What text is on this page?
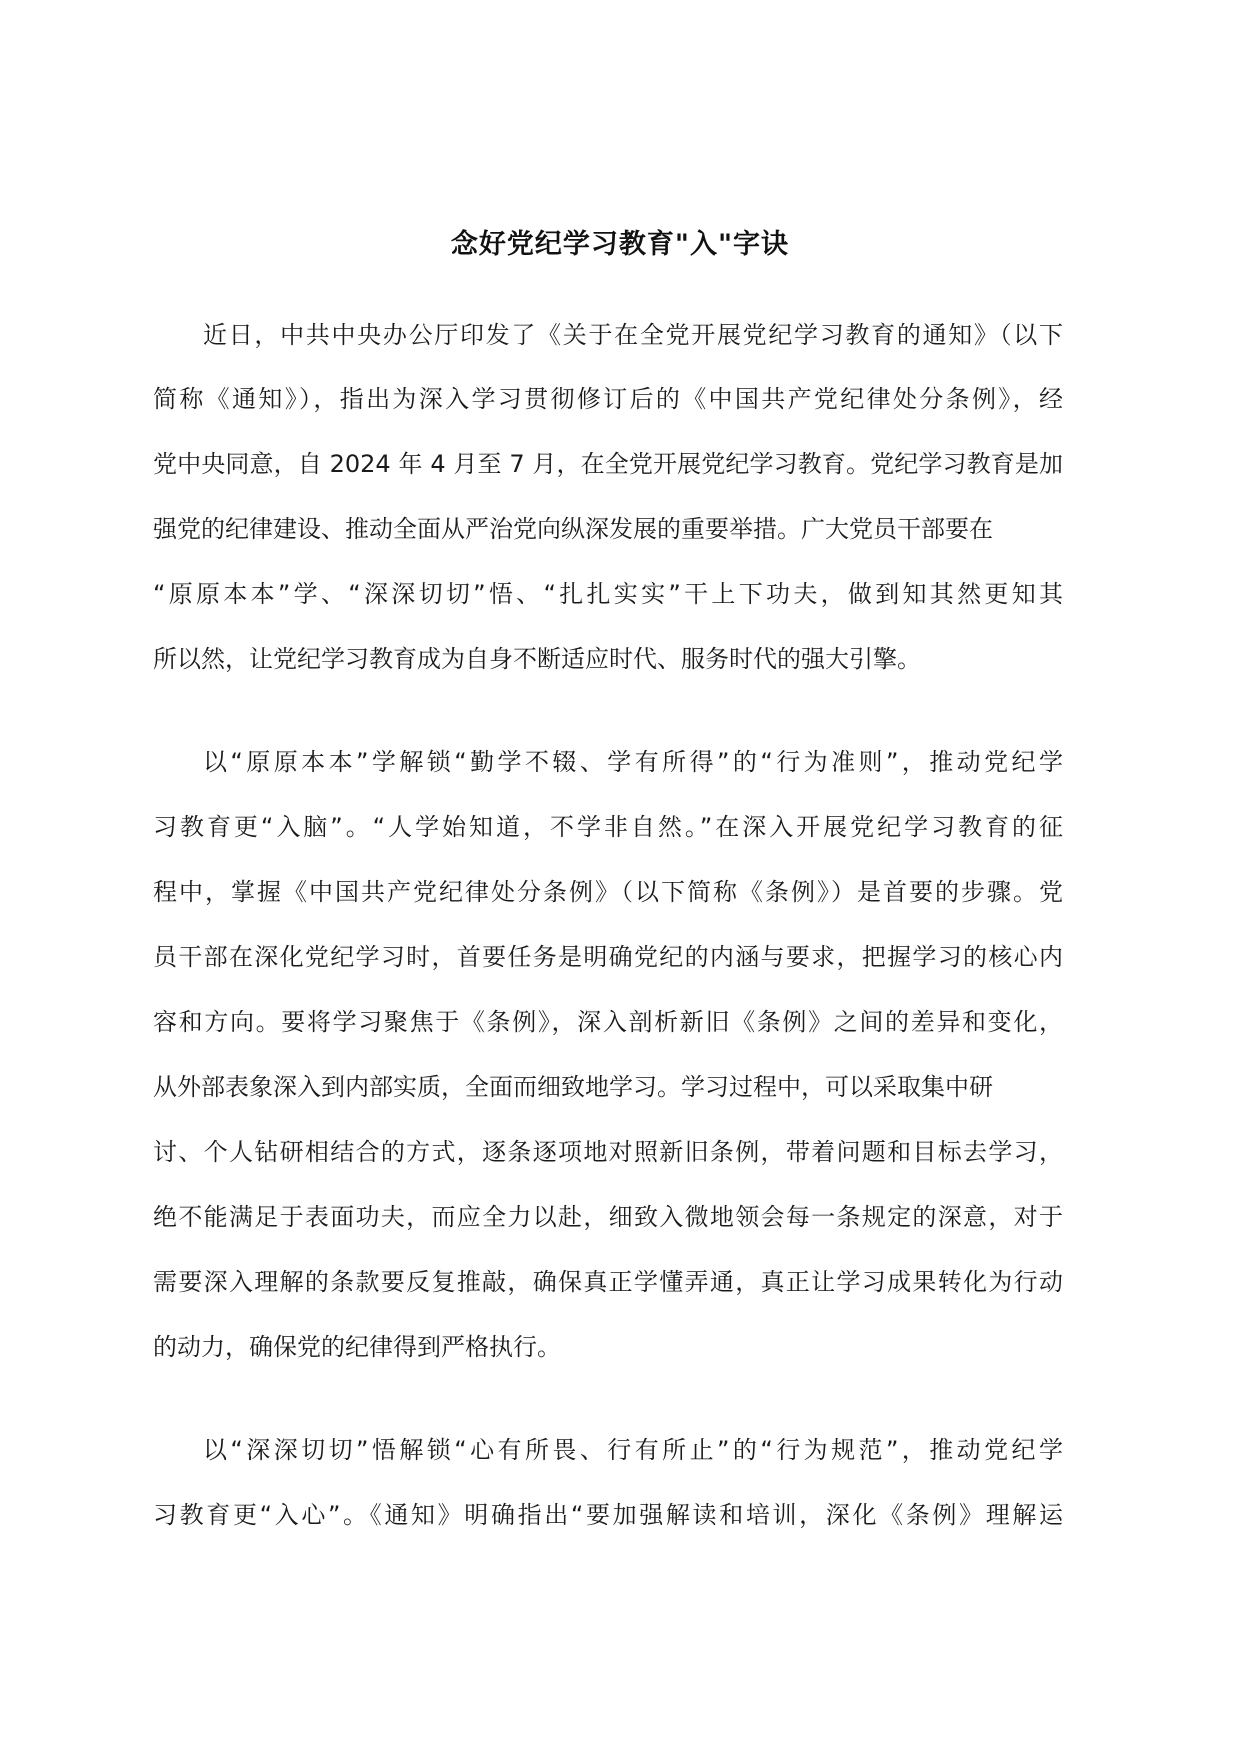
念好党纪学习教育"入"字诀
近日，中共中央办公厅印发了《关于在全党开展党纪学习教育的通知》（以下
简称《通知》），指出为深入学习贯彻修订后的《中国共产党纪律处分条例》，经
党中央同意，自 2024 年 4 月至 7 月，在全党开展党纪学习教育。党纪学习教育是加
强党的纪律建设、推动全面从严治党向纵深发展的重要举措。广大党员干部要在
“原原本本”学、“深深切切”悟、“扎扎实实”干上下功夫，做到知其然更知其
所以然，让党纪学习教育成为自身不断适应时代、服务时代的强大引擎。
以“原原本本”学解锁“勤学不辍、学有所得”的“行为准则”，推动党纪学
习教育更“入脑”。“人学始知道，不学非自然。”在深入开展党纪学习教育的征
程中，掌握《中国共产党纪律处分条例》（以下简称《条例》）是首要的步骤。党
员干部在深化党纪学习时，首要任务是明确党纪的内涵与要求，把握学习的核心内
容和方向。要将学习聚焦于《条例》，深入剖析新旧《条例》之间的差异和变化，
从外部表象深入到内部实质，全面而细致地学习。学习过程中，可以采取集中研
讨、个人钻研相结合的方式，逐条逐项地对照新旧条例，带着问题和目标去学习，
绝不能满足于表面功夫，而应全力以赴，细致入微地领会每一条规定的深意，对于
需要深入理解的条款要反复推敲，确保真正学懂弄通，真正让学习成果转化为行动
的动力，确保党的纪律得到严格执行。
以“深深切切”悟解锁“心有所畏、行有所止”的“行为规范”，推动党纪学
习教育更“入心”。《通知》明确指出“要加强解读和培训，深化《条例》理解运
